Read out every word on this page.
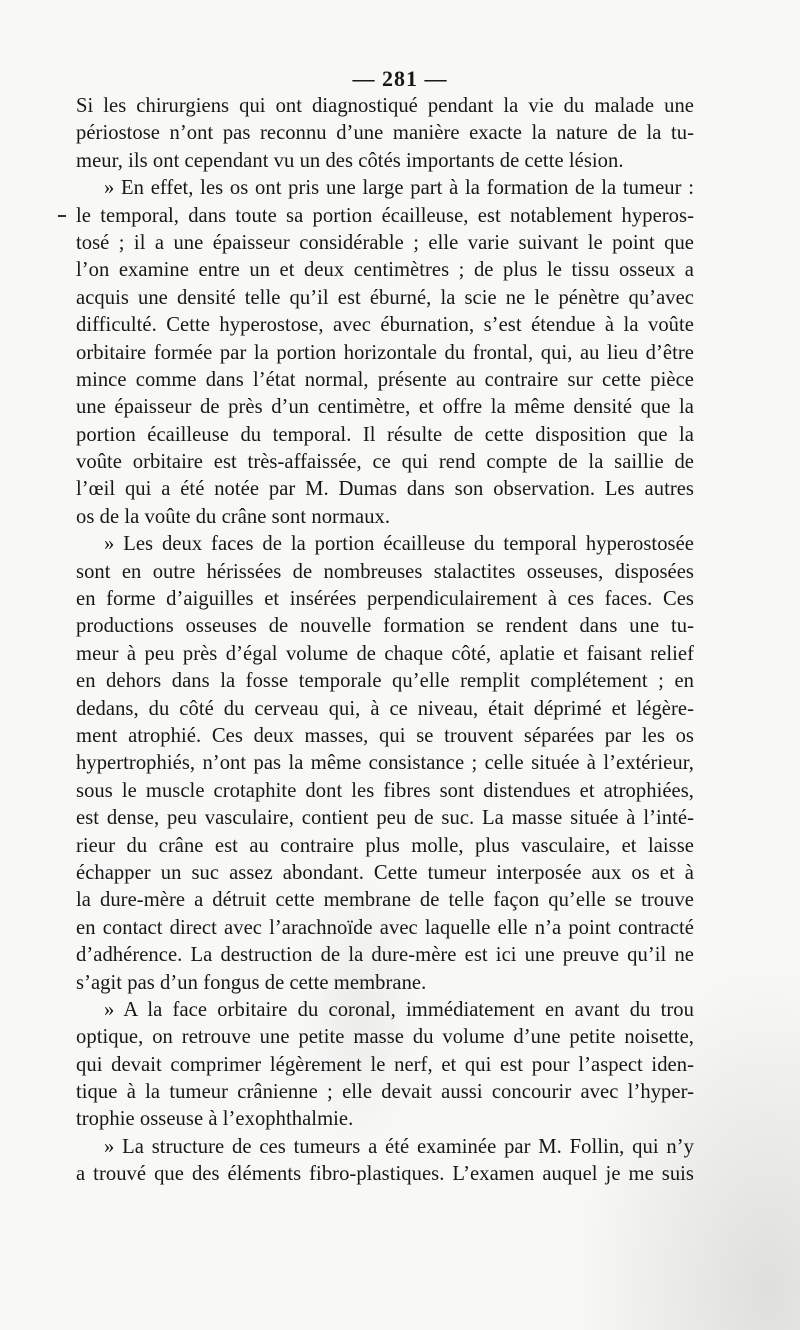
— 281 —
Si les chirurgiens qui ont diagnostiqué pendant la vie du malade une
périostose n’ont pas reconnu d’une manière exacte la nature de la tu-
meur, ils ont cependant vu un des côtés importants de cette lésion.
» En effet, les os ont pris une large part à la formation de la tumeur :
le temporal, dans toute sa portion écailleuse, est notablement hyperos-
tosé ; il a une épaisseur considérable ; elle varie suivant le point que
l’on examine entre un et deux centimètres ; de plus le tissu osseux a
acquis une densité telle qu’il est éburné, la scie ne le pénètre qu’avec
difficulté. Cette hyperostose, avec éburnation, s’est étendue à la voûte
orbitaire formée par la portion horizontale du frontal, qui, au lieu d’être
mince comme dans l’état normal, présente au contraire sur cette pièce
une épaisseur de près d’un centimètre, et offre la même densité que la
portion écailleuse du temporal. Il résulte de cette disposition que la
voûte orbitaire est très-affaissée, ce qui rend compte de la saillie de
l’œil qui a été notée par M. Dumas dans son observation. Les autres
os de la voûte du crâne sont normaux.
» Les deux faces de la portion écailleuse du temporal hyperostosée
sont en outre hérissées de nombreuses stalactites osseuses, disposées
en forme d’aiguilles et insérées perpendiculairement à ces faces. Ces
productions osseuses de nouvelle formation se rendent dans une tu-
meur à peu près d’égal volume de chaque côté, aplatie et faisant relief
en dehors dans la fosse temporale qu’elle remplit complétement ; en
dedans, du côté du cerveau qui, à ce niveau, était déprimé et légère-
ment atrophié. Ces deux masses, qui se trouvent séparées par les os
hypertrophiés, n’ont pas la même consistance ; celle située à l’extérieur,
sous le muscle crotaphite dont les fibres sont distendues et atrophiées,
est dense, peu vasculaire, contient peu de suc. La masse située à l’inté-
rieur du crâne est au contraire plus molle, plus vasculaire, et laisse
échapper un suc assez abondant. Cette tumeur interposée aux os et à
la dure-mère a détruit cette membrane de telle façon qu’elle se trouve
en contact direct avec l’arachnoïde avec laquelle elle n’a point contracté
d’adhérence. La destruction de la dure-mère est ici une preuve qu’il ne
s’agit pas d’un fongus de cette membrane.
» A la face orbitaire du coronal, immédiatement en avant du trou
optique, on retrouve une petite masse du volume d’une petite noisette,
qui devait comprimer légèrement le nerf, et qui est pour l’aspect iden-
tique à la tumeur crânienne ; elle devait aussi concourir avec l’hyper-
trophie osseuse à l’exophthalmie.
» La structure de ces tumeurs a été examinée par M. Follin, qui n’y
a trouvé que des éléments fibro-plastiques. L’examen auquel je me suis
